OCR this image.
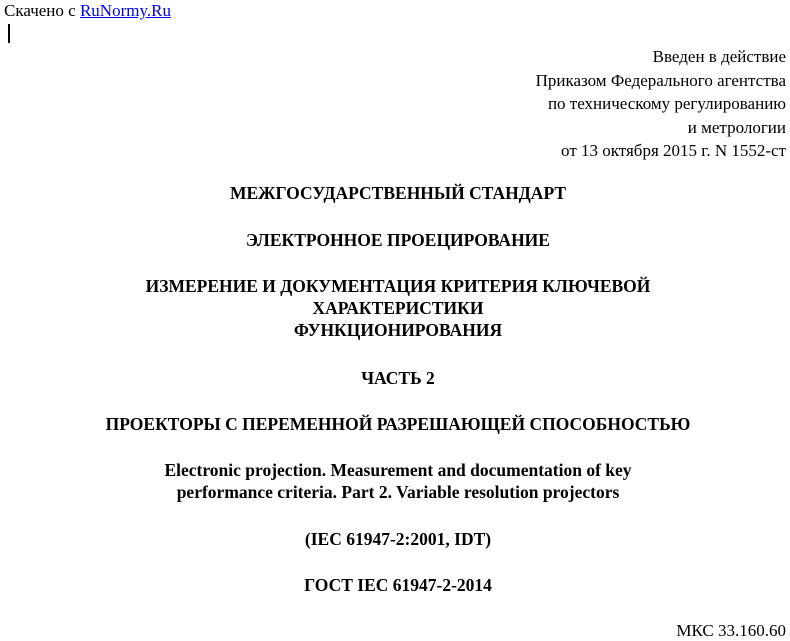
Скачено с RuNormy.Ru
Введен в действие
Приказом Федерального агентства
по техническому регулированию
и метрологии
от 13 октября 2015 г. N 1552-ст
МЕЖГОСУДАРСТВЕННЫЙ СТАНДАРТ
ЭЛЕКТРОННОЕ ПРОЕЦИРОВАНИЕ
ИЗМЕРЕНИЕ И ДОКУМЕНТАЦИЯ КРИТЕРИЯ КЛЮЧЕВОЙ
ХАРАКТЕРИСТИКИ
ФУНКЦИОНИРОВАНИЯ
ЧАСТЬ 2
ПРОЕКТОРЫ С ПЕРЕМЕННОЙ РАЗРЕШАЮЩЕЙ СПОСОБНОСТЬЮ
Electronic projection. Measurement and documentation of key
performance criteria. Part 2. Variable resolution projectors
(IEC 61947-2:2001, IDT)
ГОСТ IEC 61947-2-2014
МКС 33.160.60
